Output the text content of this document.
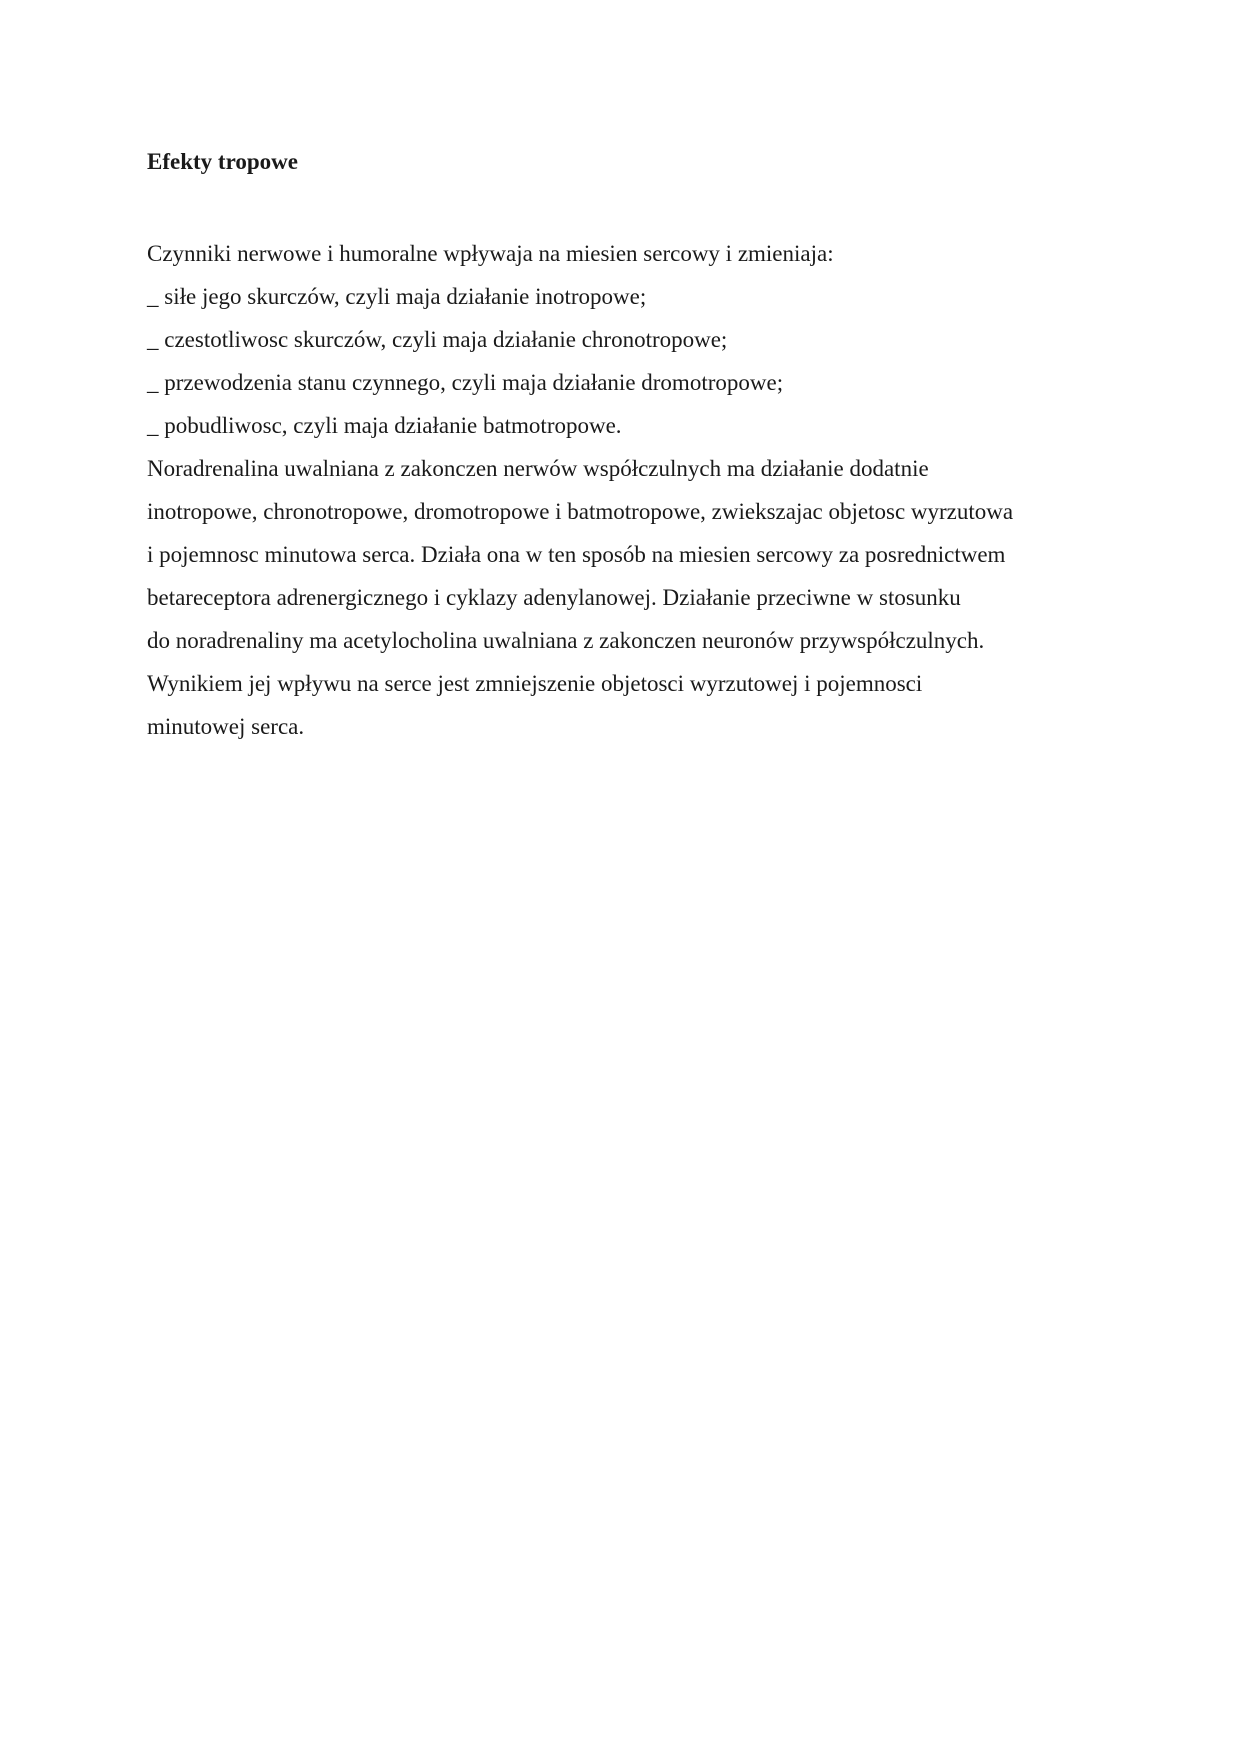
Efekty tropowe
Czynniki nerwowe i humoralne wpływaja na miesien sercowy i zmieniaja:
_ siłe jego skurczów, czyli maja działanie inotropowe;
_ czestotliwosc skurczów, czyli maja działanie chronotropowe;
_ przewodzenia stanu czynnego, czyli maja działanie dromotropowe;
_ pobudliwosc, czyli maja działanie batmotropowe.
Noradrenalina uwalniana z zakonczen nerwów współczulnych ma działanie dodatnie
inotropowe, chronotropowe, dromotropowe i batmotropowe, zwiekszajac objetosc wyrzutowa
i pojemnosc minutowa serca. Działa ona w ten sposób na miesien sercowy za posrednictwem
betareceptora adrenergicznego i cyklazy adenylanowej. Działanie przeciwne w stosunku
do noradrenaliny ma acetylocholina uwalniana z zakonczen neuronów przywspółczulnych.
Wynikiem jej wpływu na serce jest zmniejszenie objetosci wyrzutowej i pojemnosci
minutowej serca.
